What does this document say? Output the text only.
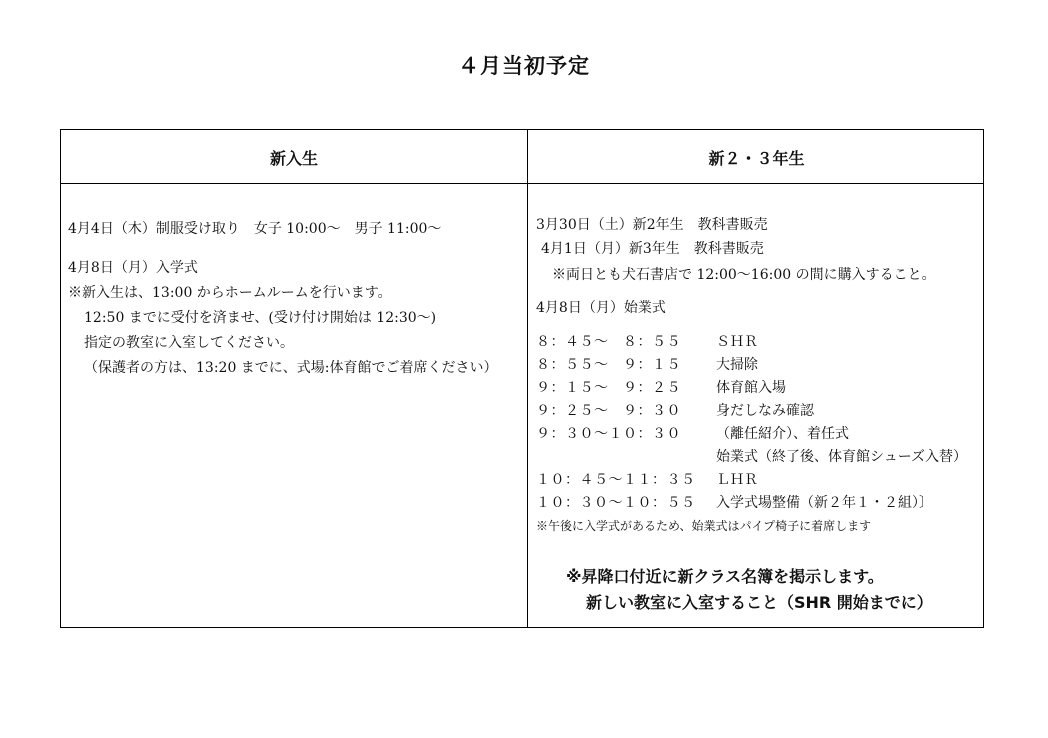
４月当初予定
新入生	新２・３年生
4月4日（木）制服受け取り　女子 10:00～　男子 11:00～
4月8日（月）入学式
※新入生は、13:00 からホームルームを行います。
12:50 までに受付を済ませ、(受け付け開始は 12:30～)
指定の教室に入室してください。
（保護者の方は、13:20 までに、式場:体育館でご着席ください）
3月30日（土）新2年生　教科書販売
4月1日（月）新3年生　教科書販売
※両日とも犬石書店で 12:00～16:00 の間に購入すること。
4月8日（月）始業式
８：４５～　８：５５	ＳＨＲ
８：５５～　９：１５	大掃除
９：１５～　９：２５	体育館入場
９：２５～　９：３０	身だしなみ確認
９：３０～１０：３０	（離任紹介）、着任式
始業式（終了後、体育館シューズ入替）
１０：４５～１１：３５	ＬＨＲ
１０：３０～１０：５５	入学式場整備（新２年１・２組）〕
※午後に入学式があるため、始業式はパイプ椅子に着席します
※昇降口付近に新クラス名簿を掲示します。
新しい教室に入室すること（SHR 開始までに）
